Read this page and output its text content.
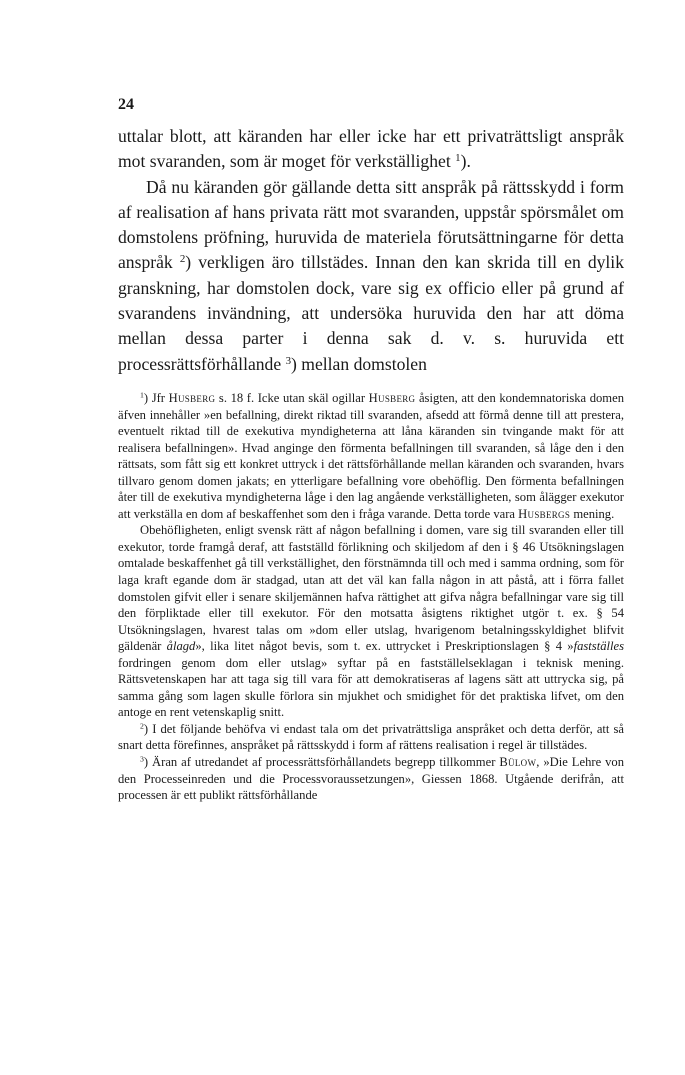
24

uttalar blott, att käranden har eller icke har ett privaträttsligt anspråk mot svaranden, som är moget för verkställighet $^1$).

Då nu käranden gör gällande detta sitt anspråk på rättsskydd i form af realisation af hans privata rätt mot svaranden, uppstår spörsmålet om domstolens pröfning, huruvida de materiela förutsättningarne för detta anspråk $^2$) verkligen äro tillstädes. Innan den kan skrida till en dylik granskning, har domstolen dock, vare sig ex officio eller på grund af svarandens invändning, att undersöka huruvida den har att döma mellan dessa parter i denna sak d. v. s. huruvida ett processrättsförhållande $^3$) mellan domstolen

$^1$) Jfr Husberg s. 18 f. Icke utan skäl ogillar Husberg åsigten, att den kondemnatoriska domen äfven innehåller »en befallning, direkt riktad till svaranden, afsedd att förmå denne till att prestera, eventuelt riktad till de exekutiva myndigheterna att låna käranden sin tvingande makt för att realisera befallningen». Hvad anginge den förmenta befallningen till svaranden, så låge den i den rättsats, som fått sig ett konkret uttryck i det rättsförhållande mellan käranden och svaranden, hvars tillvaro genom domen jakats; en ytterligare befallning vore obehöflig. Den förmenta befallningen åter till de exekutiva myndigheterna låge i den lag angående verkställigheten, som ålägger exekutor att verkställa en dom af beskaffenhet som den i fråga varande. Detta torde vara Husbergs mening.

Obehöfligheten, enligt svensk rätt af någon befallning i domen, vare sig till svaranden eller till exekutor, torde framgå deraf, att fastställd förlikning och skiljedom af den i § 46 Utsökningslagen omtalade beskaffenhet gå till verkställighet, den förstnämnda till och med i samma ordning, som för laga kraft egande dom är stadgad, utan att det väl kan falla någon in att påstå, att i förra fallet domstolen gifvit eller i senare skiljemännen hafva rättighet att gifva några befallningar vare sig till den förpliktade eller till exekutor. För den motsatta åsigtens riktighet utgör t. ex. § 54 Utsökningslagen, hvarest talas om »dom eller utslag, hvarigenom betalningsskyldighet blifvit gäldenär ålagd», lika litet något bevis, som t. ex. uttrycket i Preskriptionslagen § 4 »fastställes fordringen genom dom eller utslag» syftar på en fastställelseklagan i teknisk mening. Rättsvetenskapen har att taga sig till vara för att demokratiseras af lagens sätt att uttrycka sig, på samma gång som lagen skulle förlora sin mjukhet och smidighet för det praktiska lifvet, om den antoge en rent vetenskaplig snitt.

$^2$) I det följande behöfva vi endast tala om det privaträttsliga anspråket och detta derför, att så snart detta förefinnes, anspråket på rättsskydd i form af rättens realisation i regel är tillstädes.

$^3$) Äran af utredandet af processrättsförhållandets begrepp tillkommer Bülow, »Die Lehre von den Processeinreden und die Processvoraussetzungen», Giessen 1868. Utgående derifrån, att processen är ett publikt rättsförhållande
